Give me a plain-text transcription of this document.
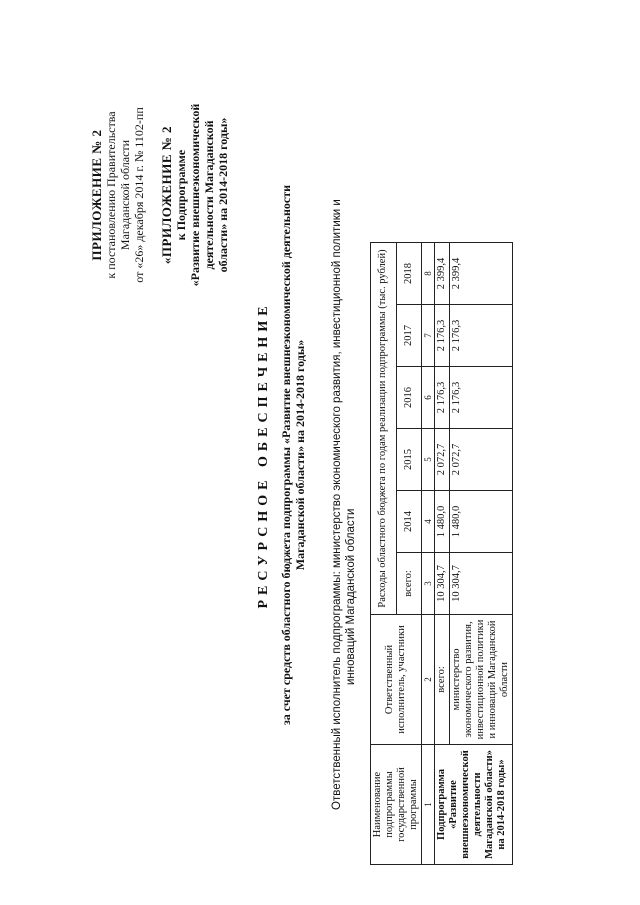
ПРИЛОЖЕНИЕ № 2 к постановлению Правительства Магаданской области от «26» декабря 2014 г. № 1102-пп «ПРИЛОЖЕНИЕ № 2 к Подпрограмме «Развитие внешнеэкономической деятельности Магаданской области» на 2014-2018 годы»
РЕСУРСНОЕ ОБЕСПЕЧЕНИЕ за счет средств областного бюджета подпрограммы «Развитие внешнеэкономической деятельности Магаданской области» на 2014-2018 годы» Ответственный исполнитель подпрограммы: министерство экономического развития, инвестиционной политики и инноваций Магаданской области
Наименование подпрограммы государственной программы	Ответственный исполнитель, участники	Расходы областного бюджета по годам реализации подпрограммы (тыс. рублей)					
		всего:	2014	2015	2016	2017	2018
1	2	3	4	5	6	7	8
Подпрограмма «Развитие внешнеэкономической деятельности Магаданской области» на 2014-2018 годы»	всего:	10 304,7	1 480,0	2 072,7	2 176,3	2 176,3	2 399,4
	министерство экономического развития, инвестиционной политики и инноваций Магаданской области	10 304,7	1 480,0	2 072,7	2 176,3	2 176,3	2 399,4
